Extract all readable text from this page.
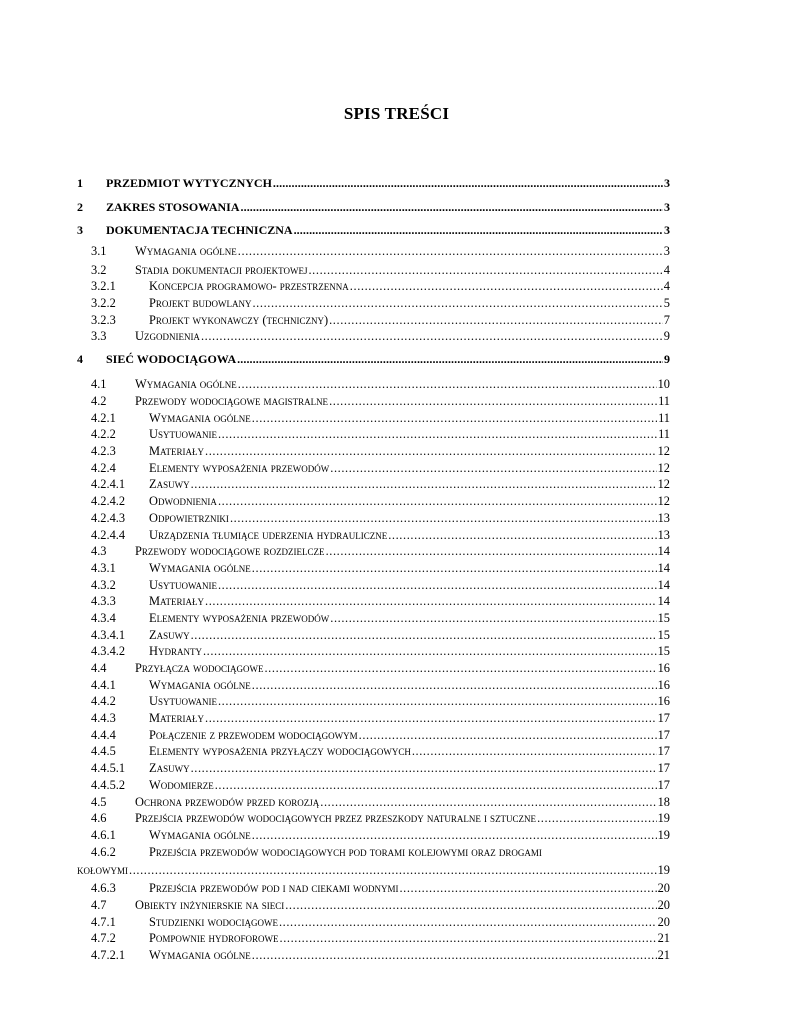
SPIS TREŚCI
1 PRZEDMIOT WYTYCZNYCH .....	3
2 ZAKRES STOSOWANIA .....	3
3 DOKUMENTACJA TECHNICZNA .....	3
3.1 Wymagania ogólne .....	3
3.2 Stadia dokumentacji projektowej .....	4
3.2.1	Koncepcja programowo- przestrzenna .....	4
3.2.2	Projekt budowlany .....	5
3.2.3	Projekt wykonawczy (techniczny) .....	7
3.3 Uzgodnienia .....	9
4 SIEĆ WODOCIĄGOWA .....	9
4.1 Wymagania ogólne .....	10
4.2 Przewody wodociągowe magistralne .....	11
4.2.1	Wymagania ogólne .....	11
4.2.2	Usytuowanie .....	11
4.2.3	Materiały .....	12
4.2.4	Elementy wyposażenia przewodów .....	12
4.2.4.1 Zasuwy .....	12
4.2.4.2 Odwodnienia .....	12
4.2.4.3 Odpowietrzniki .....	13
4.2.4.4 Urządzenia tłumiące uderzenia hydrauliczne .....	13
4.3 Przewody wodociągowe rozdzielcze .....	14
4.3.1	Wymagania ogólne .....	14
4.3.2	Usytuowanie .....	14
4.3.3	Materiały .....	14
4.3.4	Elementy wyposażenia przewodów .....	15
4.3.4.1 Zasuwy .....	15
4.3.4.2 Hydranty .....	15
4.4 Przyłącza wodociągowe .....	16
4.4.1	Wymagania ogólne .....	16
4.4.2	Usytuowanie .....	16
4.4.3	Materiały .....	17
4.4.4	Połączenie z przewodem wodociągowym .....	17
4.4.5	Elementy wyposażenia przyłączy wodociągowych .....	17
4.4.5.1 Zasuwy .....	17
4.4.5.2 Wodomierze .....	17
4.5 Ochrona przewodów przed korozją .....	18
4.6 Przejścia przewodów wodociągowych przez przeszkody naturalne i sztuczne .....	19
4.6.1	Wymagania ogólne .....	19
4.6.2	Przejścia przewodów wodociągowych pod torami kolejowymi oraz drogami
kołowymi .....	19
4.6.3	Przejścia przewodów pod i nad ciekami wodnymi .....	20
4.7 Obiekty inżynierskie na sieci .....	20
4.7.1	Studzienki wodociągowe .....	20
4.7.2	Pompownie hydroforowe .....	21
4.7.2.1 Wymagania ogólne .....	21
